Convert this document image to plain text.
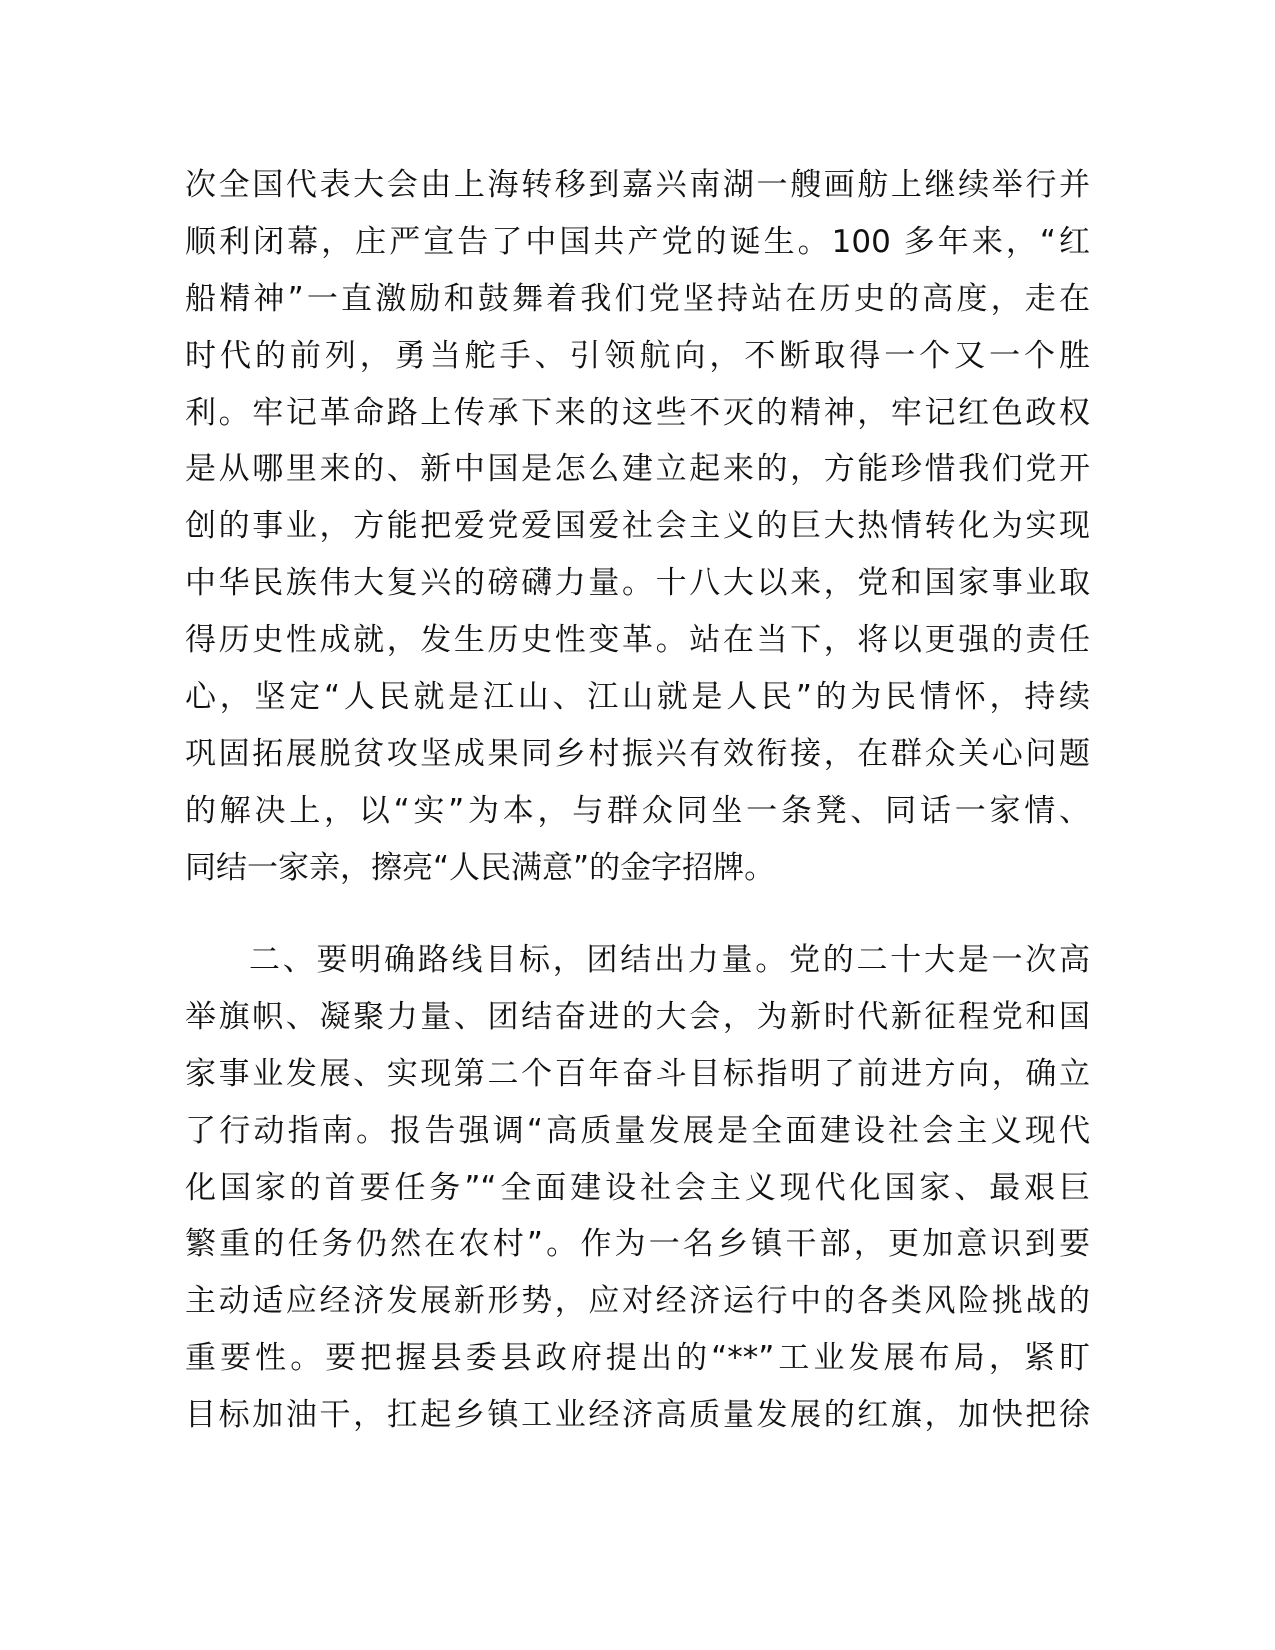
次全国代表大会由上海转移到嘉兴南湖一艘画舫上继续举行并
顺利闭幕，庄严宣告了中国共产党的诞生。100 多年来，“红
船精神”一直激励和鼓舞着我们党坚持站在历史的高度，走在
时代的前列，勇当舵手、引领航向，不断取得一个又一个胜
利。牢记革命路上传承下来的这些不灭的精神，牢记红色政权
是从哪里来的、新中国是怎么建立起来的，方能珍惜我们党开
创的事业，方能把爱党爱国爱社会主义的巨大热情转化为实现
中华民族伟大复兴的磅礴力量。十八大以来，党和国家事业取
得历史性成就，发生历史性变革。站在当下，将以更强的责任
心，坚定“人民就是江山、江山就是人民”的为民情怀，持续
巩固拓展脱贫攻坚成果同乡村振兴有效衔接，在群众关心问题
的解决上，以“实”为本，与群众同坐一条凳、同话一家情、
同结一家亲，擦亮“人民满意”的金字招牌。
二、要明确路线目标，团结出力量。党的二十大是一次高
举旗帜、凝聚力量、团结奋进的大会，为新时代新征程党和国
家事业发展、实现第二个百年奋斗目标指明了前进方向，确立
了行动指南。报告强调“高质量发展是全面建设社会主义现代
化国家的首要任务”“全面建设社会主义现代化国家、最艰巨
繁重的任务仍然在农村”。作为一名乡镇干部，更加意识到要
主动适应经济发展新形势，应对经济运行中的各类风险挑战的
重要性。要把握县委县政府提出的“**”工业发展布局，紧盯
目标加油干，扛起乡镇工业经济高质量发展的红旗，加快把徐
